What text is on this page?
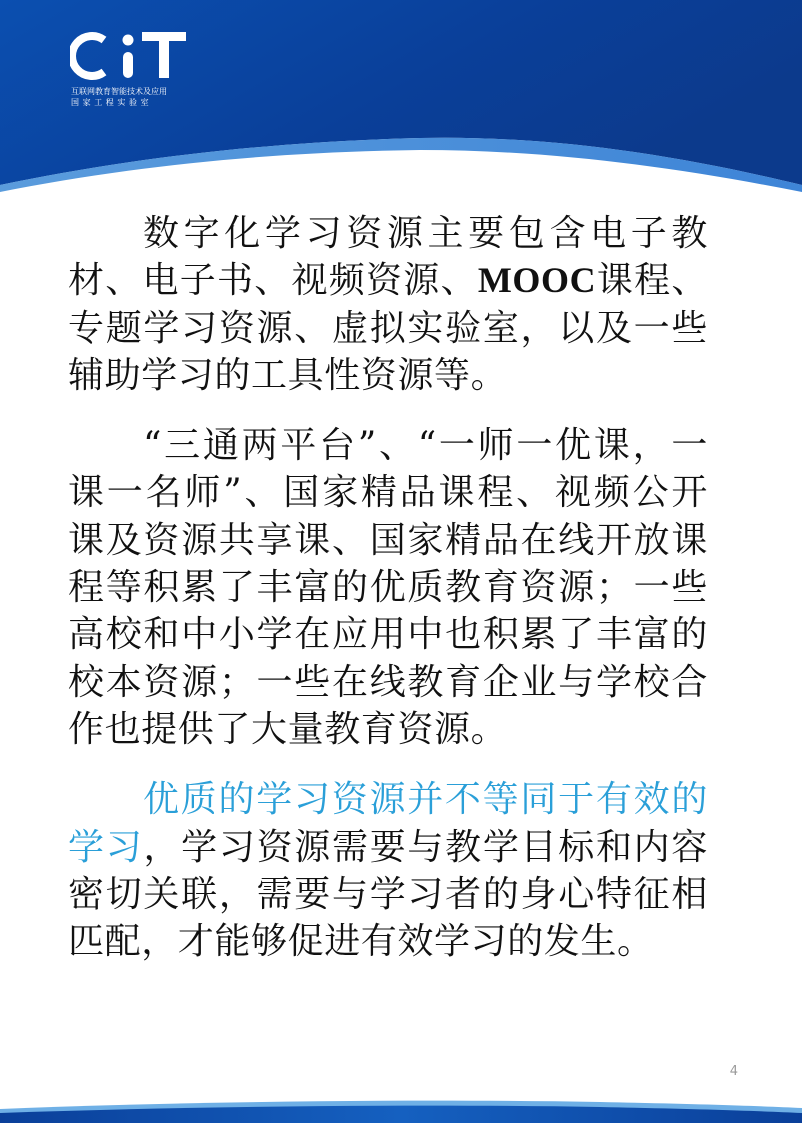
互联网教育智能技术及应用
国家工程实验室

数字化学习资源主要包含电子教材、电子书、视频资源、MOOC课程、专题学习资源、虚拟实验室，以及一些辅助学习的工具性资源等。

“三通两平台”、“一师一优课，一课一名师”、国家精品课程、视频公开课及资源共享课、国家精品在线开放课程等积累了丰富的优质教育资源；一些高校和中小学在应用中也积累了丰富的校本资源；一些在线教育企业与学校合作也提供了大量教育资源。

优质的学习资源并不等同于有效的学习，学习资源需要与教学目标和内容密切关联，需要与学习者的身心特征相匹配，才能够促进有效学习的发生。

4
